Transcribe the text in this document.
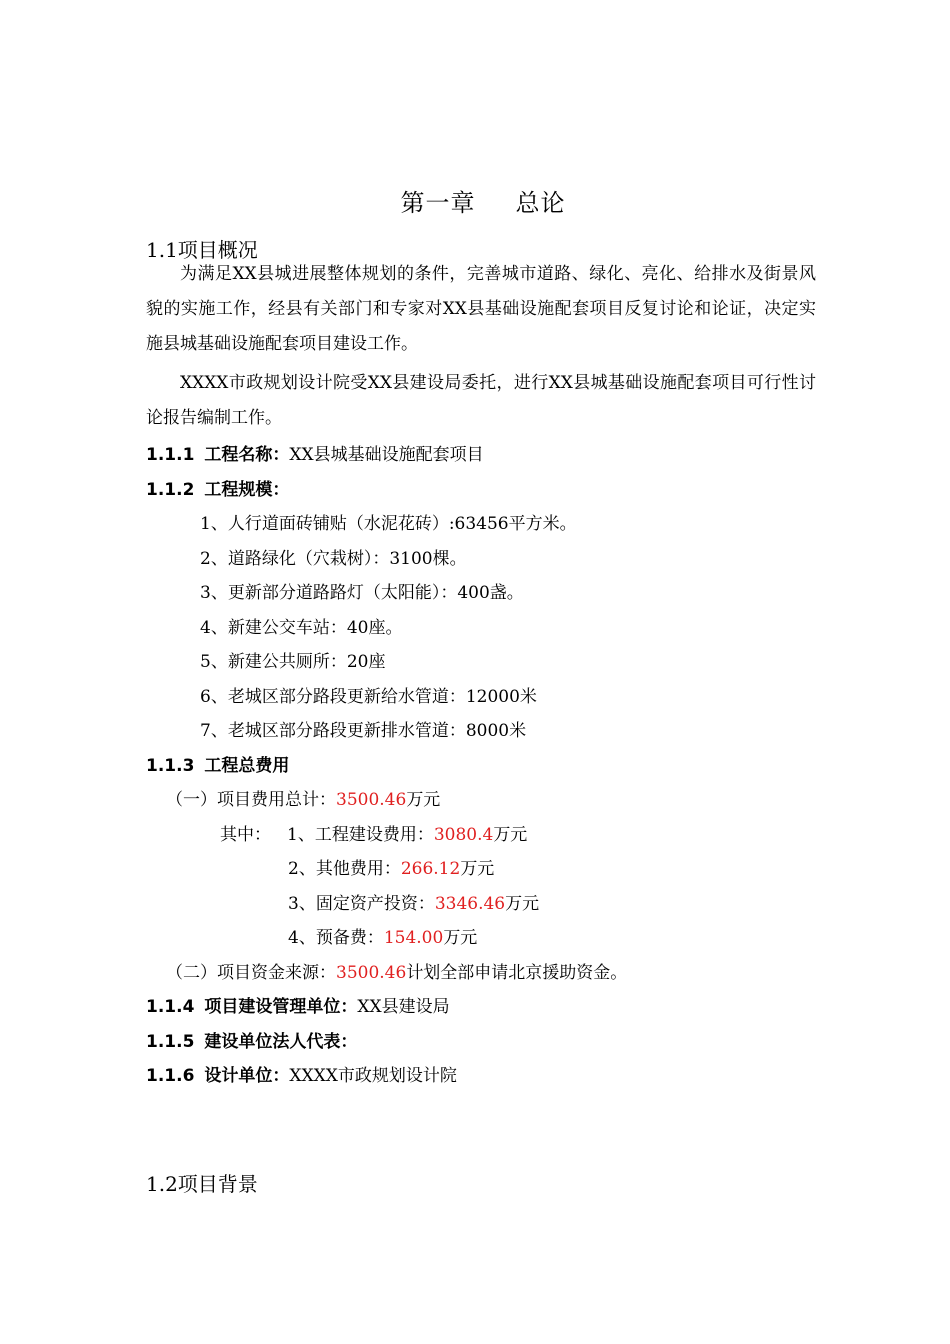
第一章 总论
1.1项目概况
为满足XX县城进展整体规划的条件，完善城市道路、绿化、亮化、给排水及街景风貌的实施工作，经县有关部门和专家对XX县基础设施配套项目反复讨论和论证，决定实施县城基础设施配套项目建设工作。
XXXX市政规划设计院受XX县建设局委托，进行XX县城基础设施配套项目可行性讨论报告编制工作。
1.1.1 工程名称：XX县城基础设施配套项目
1.1.2 工程规模：
1、人行道面砖铺贴（水泥花砖）:63456平方米。
2、道路绿化（穴栽树）：3100棵。
3、更新部分道路路灯（太阳能）：400盏。
4、新建公交车站：40座。
5、新建公共厕所：20座
6、老城区部分路段更新给水管道：12000米
7、老城区部分路段更新排水管道：8000米
1.1.3 工程总费用
（一）项目费用总计：3500.46万元
其中： 1、工程建设费用：3080.4万元
2、其他费用：266.12万元
3、固定资产投资：3346.46万元
4、预备费：154.00万元
（二）项目资金来源：3500.46计划全部申请北京援助资金。
1.1.4 项目建设管理单位：XX县建设局
1.1.5 建设单位法人代表：
1.1.6 设计单位：XXXX市政规划设计院
1.2项目背景
